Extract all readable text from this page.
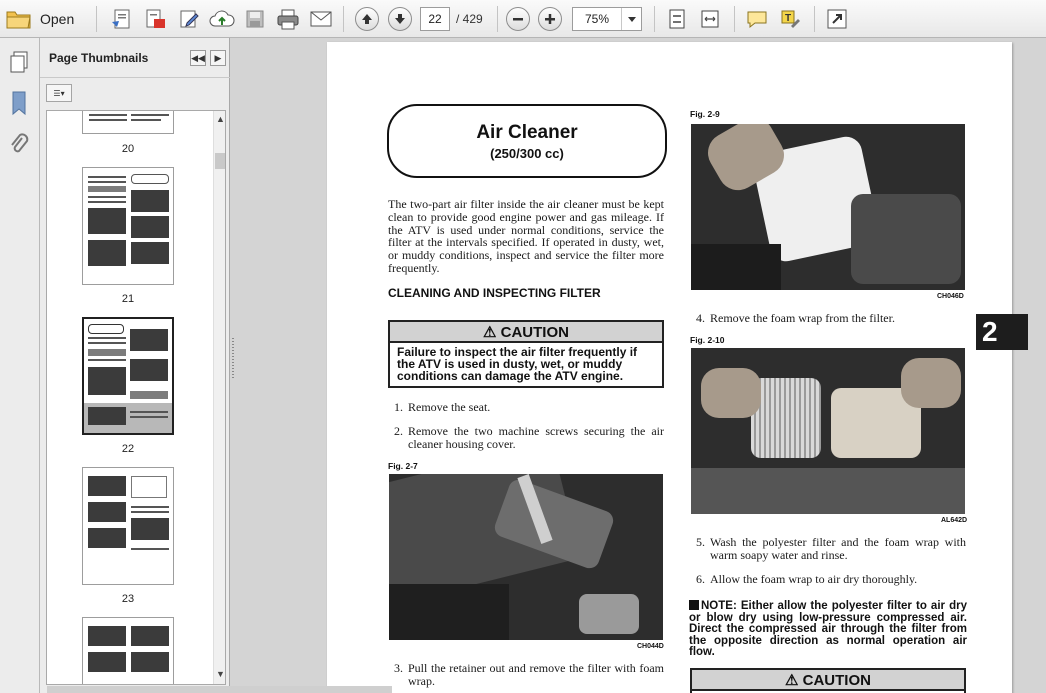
Open	22	/ 429	75%	T
Page Thumbnails	◀◀	▶
☰▾
20
21
22
23
▲
▼
Air Cleaner
(250/300 cc)
The two-part air filter inside the air cleaner must be kept clean to provide good engine power and gas mileage. If the ATV is used under normal conditions, service the filter at the intervals specified. If operated in dusty, wet, or muddy conditions, inspect and service the filter more frequently.
CLEANING AND INSPECTING FILTER
⚠ CAUTION
Failure to inspect the air filter frequently if the ATV is used in dusty, wet, or muddy conditions can damage the ATV engine.
1. Remove the seat.
2. Remove the two machine screws securing the air cleaner housing cover.
Fig. 2-7
CH044D
3. Pull the retainer out and remove the filter with foam wrap.
Fig. 2-9
CH046D
4. Remove the foam wrap from the filter.
Fig. 2-10
AL642D
5. Wash the polyester filter and the foam wrap with warm soapy water and rinse.
6. Allow the foam wrap to air dry thoroughly.
NOTE: Either allow the polyester filter to air dry or blow dry using low-pressure compressed air. Direct the compressed air through the filter from the opposite direction as normal operation air flow.
⚠ CAUTION
2
